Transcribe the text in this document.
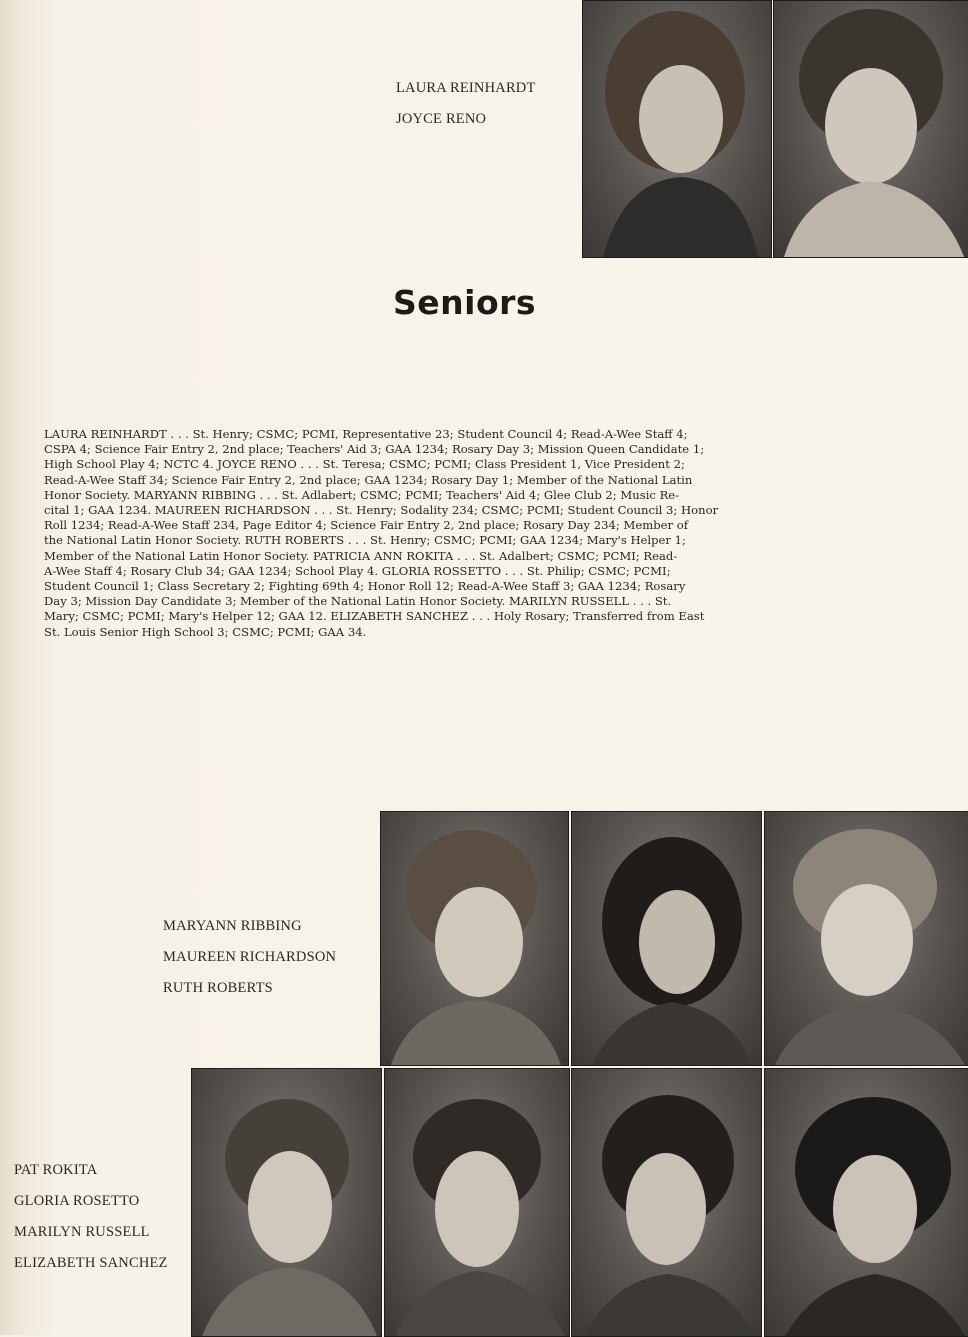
LAURA REINHARDT
JOYCE RENO
Seniors

LAURA REINHARDT . . . St. Henry; CSMC; PCMI, Representative 23; Student Council 4; Read-A-Wee Staff 4;
CSPA 4; Science Fair Entry 2, 2nd place; Teachers' Aid 3; GAA 1234; Rosary Day 3; Mission Queen Candidate 1;
High School Play 4; NCTC 4. JOYCE RENO . . . St. Teresa; CSMC; PCMI; Class President 1, Vice President 2;
Read-A-Wee Staff 34; Science Fair Entry 2, 2nd place; GAA 1234; Rosary Day 1; Member of the National Latin
Honor Society. MARYANN RIBBING . . . St. Adlabert; CSMC; PCMI; Teachers' Aid 4; Glee Club 2; Music Re-
cital 1; GAA 1234. MAUREEN RICHARDSON . . . St. Henry; Sodality 234; CSMC; PCMI; Student Council 3; Honor
Roll 1234; Read-A-Wee Staff 234, Page Editor 4; Science Fair Entry 2, 2nd place; Rosary Day 234; Member of
the National Latin Honor Society. RUTH ROBERTS . . . St. Henry; CSMC; PCMI; GAA 1234; Mary's Helper 1;
Member of the National Latin Honor Society. PATRICIA ANN ROKITA . . . St. Adalbert; CSMC; PCMI; Read-
A-Wee Staff 4; Rosary Club 34; GAA 1234; School Play 4. GLORIA ROSSETTO . . . St. Philip; CSMC; PCMI;
Student Council 1; Class Secretary 2; Fighting 69th 4; Honor Roll 12; Read-A-Wee Staff 3; GAA 1234; Rosary
Day 3; Mission Day Candidate 3; Member of the National Latin Honor Society. MARILYN RUSSELL . . . St.
Mary; CSMC; PCMI; Mary's Helper 12; GAA 12. ELIZABETH SANCHEZ . . . Holy Rosary; Transferred from East
St. Louis Senior High School 3; CSMC; PCMI; GAA 34.

MARYANN RIBBING
MAUREEN RICHARDSON
RUTH ROBERTS
PAT ROKITA
GLORIA ROSETTO
MARILYN RUSSELL
ELIZABETH SANCHEZ
